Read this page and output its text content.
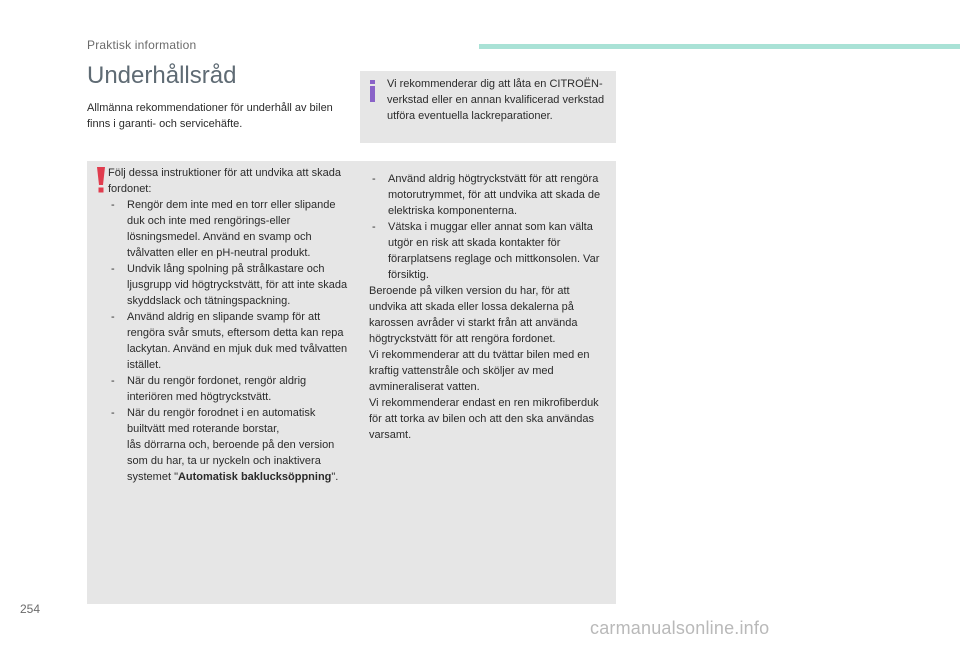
Praktisk information
Underhållsråd

Allmänna rekommendationer för underhåll av bilen finns i garanti- och servicehäfte.

Vi rekommenderar dig att låta en CITROËN-verkstad eller en annan kvalificerad verkstad utföra eventuella lackreparationer.

Följ dessa instruktioner för att undvika att skada fordonet:

- Rengör dem inte med en torr eller slipande duk och inte med rengörings-eller lösningsmedel. Använd en svamp och tvålvatten eller en pH-neutral produkt.
- Undvik lång spolning på strålkastare och ljusgrupp vid högtryckstvätt, för att inte skada skyddslack och tätningspackning.
- Använd aldrig en slipande svamp för att rengöra svår smuts, eftersom detta kan repa lackytan. Använd en mjuk duk med tvålvatten istället.
- När du rengör fordonet, rengör aldrig interiören med högtryckstvätt.
- När du rengör forodnet i en automatisk builtvätt med roterande borstar,
lås dörrarna och, beroende på den version som du har, ta ur nyckeln och inaktivera systemet "Automatisk baklucksöppning".
- Använd aldrig högtryckstvätt för att rengöra motorutrymmet, för att undvika att skada de elektriska komponenterna.
- Vätska i muggar eller annat som kan välta utgör en risk att skada kontakter för förarplatsens reglage och mittkonsolen. Var försiktig.

Beroende på vilken version du har, för att undvika att skada eller lossa dekalerna på karossen avråder vi starkt från att använda högtryckstvätt för att rengöra fordonet.

Vi rekommenderar att du tvättar bilen med en kraftig vattenstråle och sköljer av med avmineraliserat vatten.

Vi rekommenderar endast en ren mikrofiberduk för att torka av bilen och att den ska användas varsamt.

254
carmanualsonline.info
